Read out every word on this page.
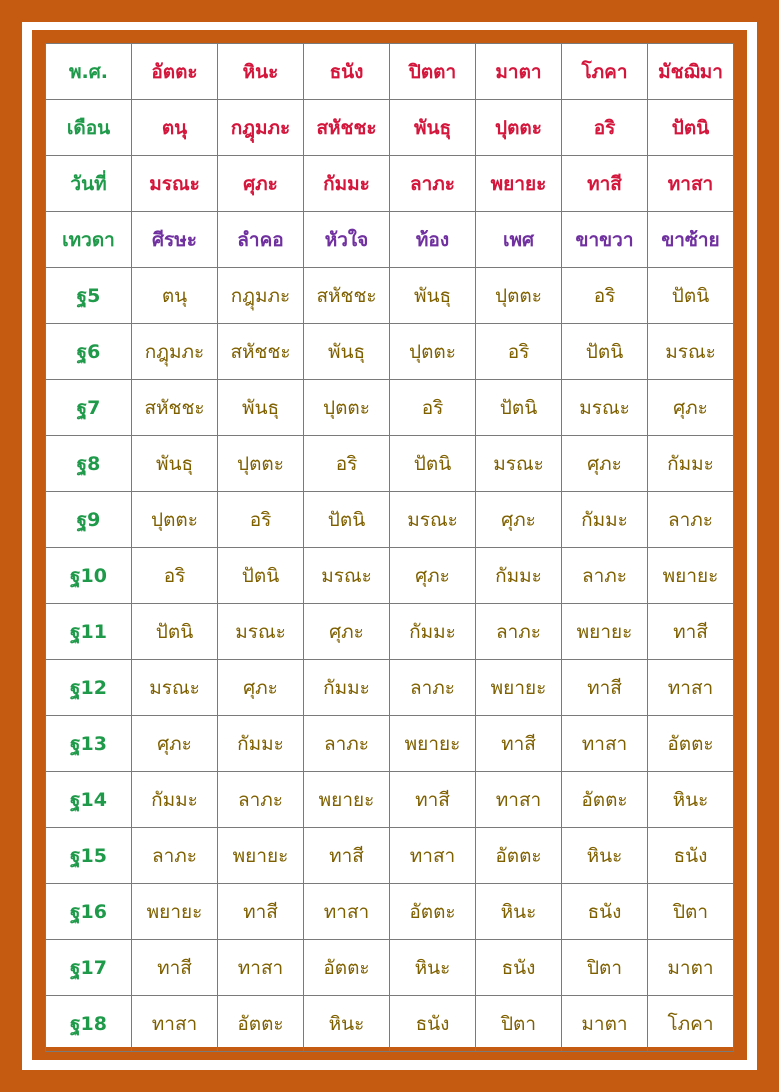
พ.ศ.	อัตตะ	หินะ	ธนัง	ปิตตา	มาตา	โภคา	มัชฌิมา
เดือน	ตนุ	กฎุมภะ	สหัชชะ	พันธุ	ปุตตะ	อริ	ปัตนิ
วันที่	มรณะ	ศุภะ	กัมมะ	ลาภะ	พยายะ	ทาสี	ทาสา
เทวดา	ศีรษะ	ลำคอ	หัวใจ	ท้อง	เพศ	ขาขวา	ขาซ้าย
ฐ5	ตนุ	กฎุมภะ	สหัชชะ	พันธุ	ปุตตะ	อริ	ปัตนิ
ฐ6	กฎุมภะ	สหัชชะ	พันธุ	ปุตตะ	อริ	ปัตนิ	มรณะ
ฐ7	สหัชชะ	พันธุ	ปุตตะ	อริ	ปัตนิ	มรณะ	ศุภะ
ฐ8	พันธุ	ปุตตะ	อริ	ปัตนิ	มรณะ	ศุภะ	กัมมะ
ฐ9	ปุตตะ	อริ	ปัตนิ	มรณะ	ศุภะ	กัมมะ	ลาภะ
ฐ10	อริ	ปัตนิ	มรณะ	ศุภะ	กัมมะ	ลาภะ	พยายะ
ฐ11	ปัตนิ	มรณะ	ศุภะ	กัมมะ	ลาภะ	พยายะ	ทาสี
ฐ12	มรณะ	ศุภะ	กัมมะ	ลาภะ	พยายะ	ทาสี	ทาสา
ฐ13	ศุภะ	กัมมะ	ลาภะ	พยายะ	ทาสี	ทาสา	อัตตะ
ฐ14	กัมมะ	ลาภะ	พยายะ	ทาสี	ทาสา	อัตตะ	หินะ
ฐ15	ลาภะ	พยายะ	ทาสี	ทาสา	อัตตะ	หินะ	ธนัง
ฐ16	พยายะ	ทาสี	ทาสา	อัตตะ	หินะ	ธนัง	ปิตา
ฐ17	ทาสี	ทาสา	อัตตะ	หินะ	ธนัง	ปิตา	มาตา
ฐ18	ทาสา	อัตตะ	หินะ	ธนัง	ปิตา	มาตา	โภคา
